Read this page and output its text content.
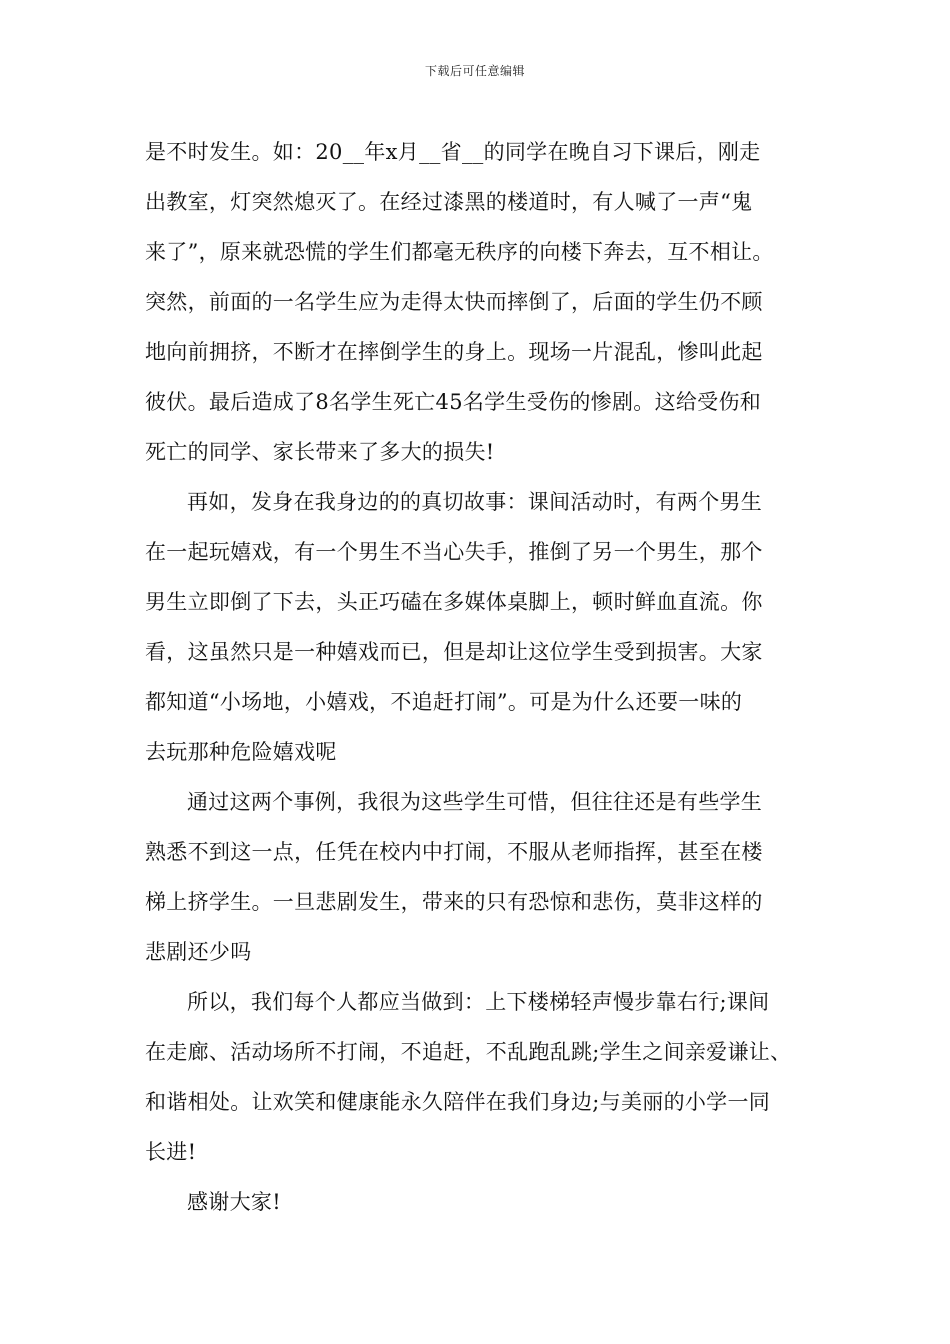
下载后可任意编辑
是不时发生。如：20__年x月__省__的同学在晚自习下课后，刚走
出教室，灯突然熄灭了。在经过漆黑的楼道时，有人喊了一声“鬼
来了”，原来就恐慌的学生们都毫无秩序的向楼下奔去，互不相让。
突然，前面的一名学生应为走得太快而摔倒了，后面的学生仍不顾
地向前拥挤，不断才在摔倒学生的身上。现场一片混乱，惨叫此起
彼伏。最后造成了8名学生死亡45名学生受伤的惨剧。这给受伤和
死亡的同学、家长带来了多大的损失!
再如，发身在我身边的的真切故事：课间活动时，有两个男生
在一起玩嬉戏，有一个男生不当心失手，推倒了另一个男生，那个
男生立即倒了下去，头正巧磕在多媒体桌脚上，顿时鲜血直流。你
看，这虽然只是一种嬉戏而已，但是却让这位学生受到损害。大家
都知道“小场地，小嬉戏，不追赶打闹”。可是为什么还要一味的
去玩那种危险嬉戏呢
通过这两个事例，我很为这些学生可惜，但往往还是有些学生
熟悉不到这一点，任凭在校内中打闹，不服从老师指挥，甚至在楼
梯上挤学生。一旦悲剧发生，带来的只有恐惊和悲伤，莫非这样的
悲剧还少吗
所以，我们每个人都应当做到：上下楼梯轻声慢步靠右行;课间
在走廊、活动场所不打闹，不追赶，不乱跑乱跳;学生之间亲爱谦让、
和谐相处。让欢笑和健康能永久陪伴在我们身边;与美丽的小学一同
长进!
感谢大家!
